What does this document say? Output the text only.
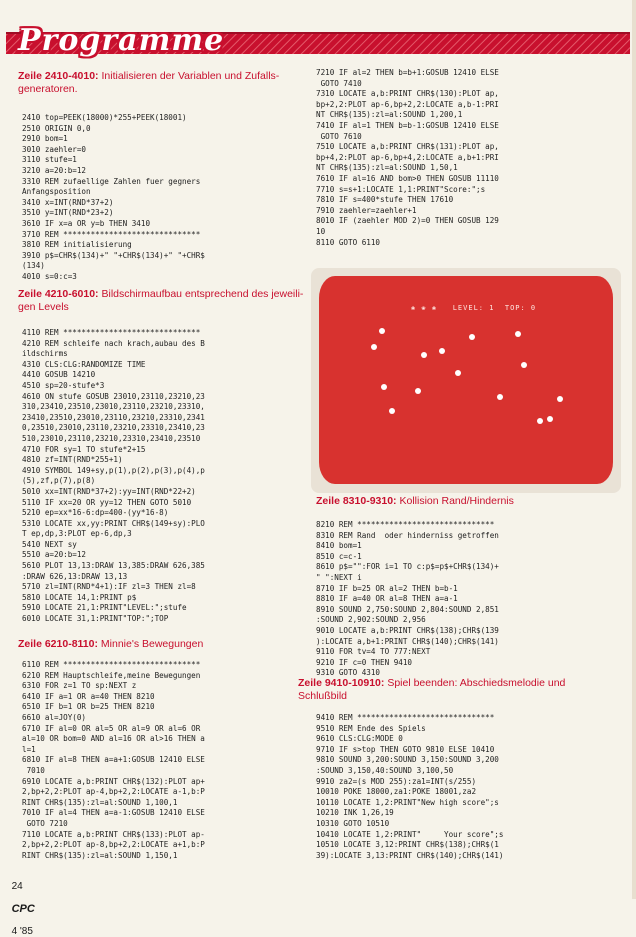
Programme
Zeile 2410-4010: Initialisieren der Variablen und Zufalls-
generatoren.
2410 top=PEEK(18000)*255+PEEK(18001)
2510 ORIGIN 0,0
2910 bom=1
3010 zaehler=0
3110 stufe=1
3210 a=20:b=12
3310 REM zufaellige Zahlen fuer gegners
Anfangsposition
3410 x=INT(RND*37+2)
3510 y=INT(RND*23+2)
3610 IF x=a OR y=b THEN 3410
3710 REM ******************************
3810 REM initialisierung
3910 p$=CHR$(134)+" "+CHR$(134)+" "+CHR$
(134)
4010 s=0:c=3
Zeile 4210-6010: Bildschirmaufbau entsprechend des jeweili-
gen Levels
4110 REM ******************************
4210 REM schleife nach krach,aubau des B
ildschirms
4310 CLS:CLG:RANDOMIZE TIME
4410 GOSUB 14210
4510 sp=20-stufe*3
4610 ON stufe GOSUB 23010,23110,23210,23
310,23410,23510,23010,23110,23210,23310,
23410,23510,23010,23110,23210,23310,2341
0,23510,23010,23110,23210,23310,23410,23
510,23010,23110,23210,23310,23410,23510
4710 FOR sy=1 TO stufe*2+15
4810 zf=INT(RND*255+1)
4910 SYMBOL 149+sy,p(1),p(2),p(3),p(4),p
(5),zf,p(7),p(8)
5010 xx=INT(RND*37+2):yy=INT(RND*22+2)
5110 IF xx=20 OR yy=12 THEN GOTO 5010
5210 ep=xx*16-6:dp=400-(yy*16-8)
5310 LOCATE xx,yy:PRINT CHR$(149+sy):PLO
T ep,dp,3:PLOT ep-6,dp,3
5410 NEXT sy
5510 a=20:b=12
5610 PLOT 13,13:DRAW 13,385:DRAW 626,385
:DRAW 626,13:DRAW 13,13
5710 zl=INT(RND*4+1):IF zl=3 THEN zl=8
5810 LOCATE 14,1:PRINT p$
5910 LOCATE 21,1:PRINT"LEVEL:";stufe
6010 LOCATE 31,1:PRINT"TOP:";TOP
Zeile 6210-8110: Minnie's Bewegungen
6110 REM ******************************
6210 REM Hauptschleife,meine Bewegungen
6310 FOR z=1 TO sp:NEXT z
6410 IF a=1 OR a=40 THEN 8210
6510 IF b=1 OR b=25 THEN 8210
6610 al=JOY(0)
6710 IF al=0 OR al=5 OR al=9 OR al=6 OR
al=10 OR bom=0 AND al=16 OR al>16 THEN a
l=1
6810 IF al=8 THEN a=a+1:GOSUB 12410 ELSE
7010
6910 LOCATE a,b:PRINT CHR$(132):PLOT ap+
2,bp+2,2:PLOT ap-4,bp+2,2:LOCATE a-1,b:P
RINT CHR$(135):zl=al:SOUND 1,100,1
7010 IF al=4 THEN a=a-1:GOSUB 12410 ELSE
GOTO 7210
7110 LOCATE a,b:PRINT CHR$(133):PLOT ap-
2,bp+2,2:PLOT ap-8,bp+2,2:LOCATE a+1,b:P
RINT CHR$(135):zl=al:SOUND 1,150,1
7210 IF al=2 THEN b=b+1:GOSUB 12410 ELSE
GOTO 7410
7310 LOCATE a,b:PRINT CHR$(130):PLOT ap,
bp+2,2:PLOT ap-6,bp+2,2:LOCATE a,b-1:PRI
NT CHR$(135):zl=al:SOUND 1,200,1
7410 IF al=1 THEN b=b-1:GOSUB 12410 ELSE
GOTO 7610
7510 LOCATE a,b:PRINT CHR$(131):PLOT ap,
bp+4,2:PLOT ap-6,bp+4,2:LOCATE a,b+1:PRI
NT CHR$(135):zl=al:SOUND 1,50,1
7610 IF al=16 AND bom>0 THEN GOSUB 11110
7710 s=s+1:LOCATE 1,1:PRINT"Score:";s
7810 IF s=400*stufe THEN 17610
7910 zaehler=zaehler+1
8010 IF (zaehler MOD 2)=0 THEN GOSUB 129
10
8110 GOTO 6110
❀ ❀ ❀   LEVEL: 1  TOP: 0
Zeile 8310-9310: Kollision Rand/Hindernis
8210 REM ******************************
8310 REM Rand  oder hinderniss getroffen
8410 bom=1
8510 c=c-1
8610 p$="":FOR i=1 TO c:p$=p$+CHR$(134)+
" ":NEXT i
8710 IF b=25 OR al=2 THEN b=b-1
8810 IF a=40 OR al=8 THEN a=a-1
8910 SOUND 2,750:SOUND 2,804:SOUND 2,851
:SOUND 2,902:SOUND 2,956
9010 LOCATE a,b:PRINT CHR$(138);CHR$(139
):LOCATE a,b+1:PRINT CHR$(140);CHR$(141)
9110 FOR tv=4 TO 777:NEXT
9210 IF c=0 THEN 9410
9310 GOTO 4310
Zeile 9410-10910: Spiel beenden: Abschiedsmelodie und
Schlußbild
9410 REM ******************************
9510 REM Ende des Spiels
9610 CLS:CLG:MODE 0
9710 IF s>top THEN GOTO 9810 ELSE 10410
9810 SOUND 3,200:SOUND 3,150:SOUND 3,200
:SOUND 3,150,40:SOUND 3,100,50
9910 za2=(s MOD 255):za1=INT(s/255)
10010 POKE 18000,za1:POKE 18001,za2
10110 LOCATE 1,2:PRINT"New high score";s
10210 INK 1,26,19
10310 GOTO 10510
10410 LOCATE 1,2:PRINT"     Your score";s
10510 LOCATE 3,12:PRINT CHR$(138);CHR$(1
39):LOCATE 3,13:PRINT CHR$(140);CHR$(141)

24

CPC

4 '85
